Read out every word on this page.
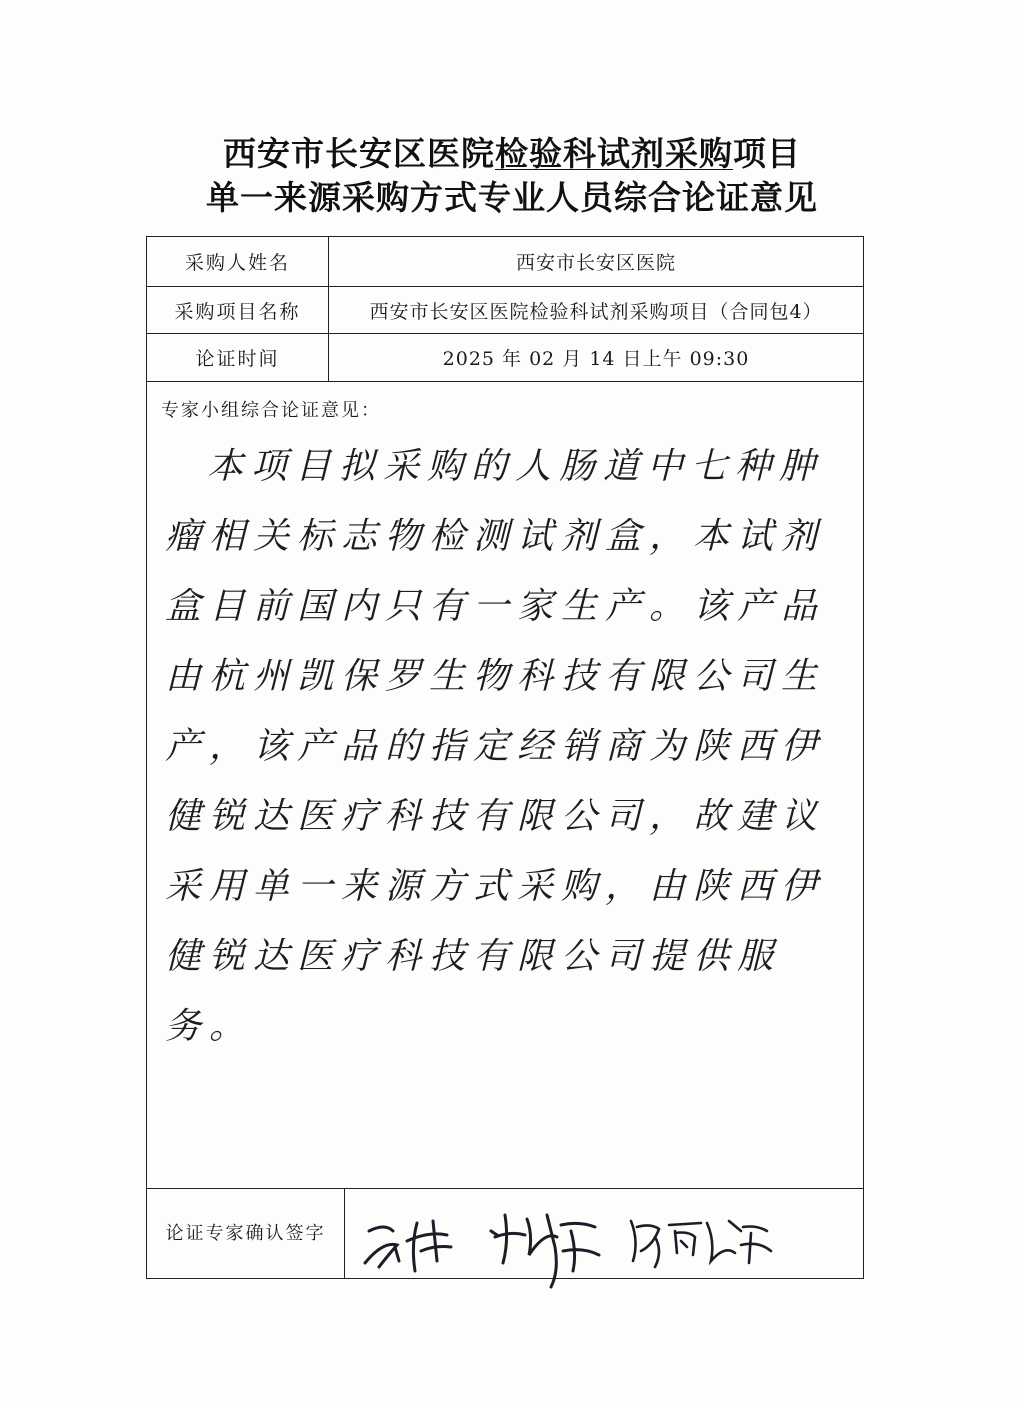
西安市长安区医院检验科试剂采购项目
单一来源采购方式专业人员综合论证意见
采购人姓名	西安市长安区医院
采购项目名称	西安市长安区医院检验科试剂采购项目（合同包4）
论证时间	2025 年 02 月 14 日上午 09:30
专家小组综合论证意见：
本项目拟采购的人肠道中七种肿瘤相关标志物检测试剂盒，本试剂盒目前国内只有一家生产。该产品由杭州凯保罗生物科技有限公司生产，该产品的指定经销商为陕西伊健锐达医疗科技有限公司，故建议采用单一来源方式采购，由陕西伊健锐达医疗科技有限公司提供服务。
论证专家确认签字
